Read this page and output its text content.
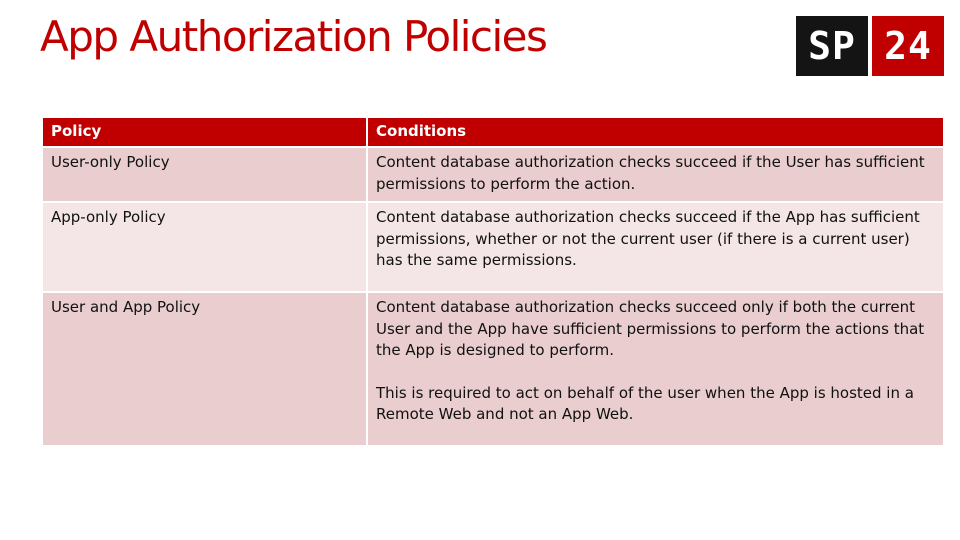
App Authorization Policies	SP 24
Policy	Conditions
User-only Policy	Content database authorization checks succeed if the User has sufficient permissions to perform the action.
App-only Policy	Content database authorization checks succeed if the App has sufficient permissions, whether or not the current user (if there is a current user) has the same permissions.
User and App Policy	Content database authorization checks succeed only if both the current User and the App have sufficient permissions to perform the actions that the App is designed to perform.
This is required to act on behalf of the user when the App is hosted in a Remote Web and not an App Web.
